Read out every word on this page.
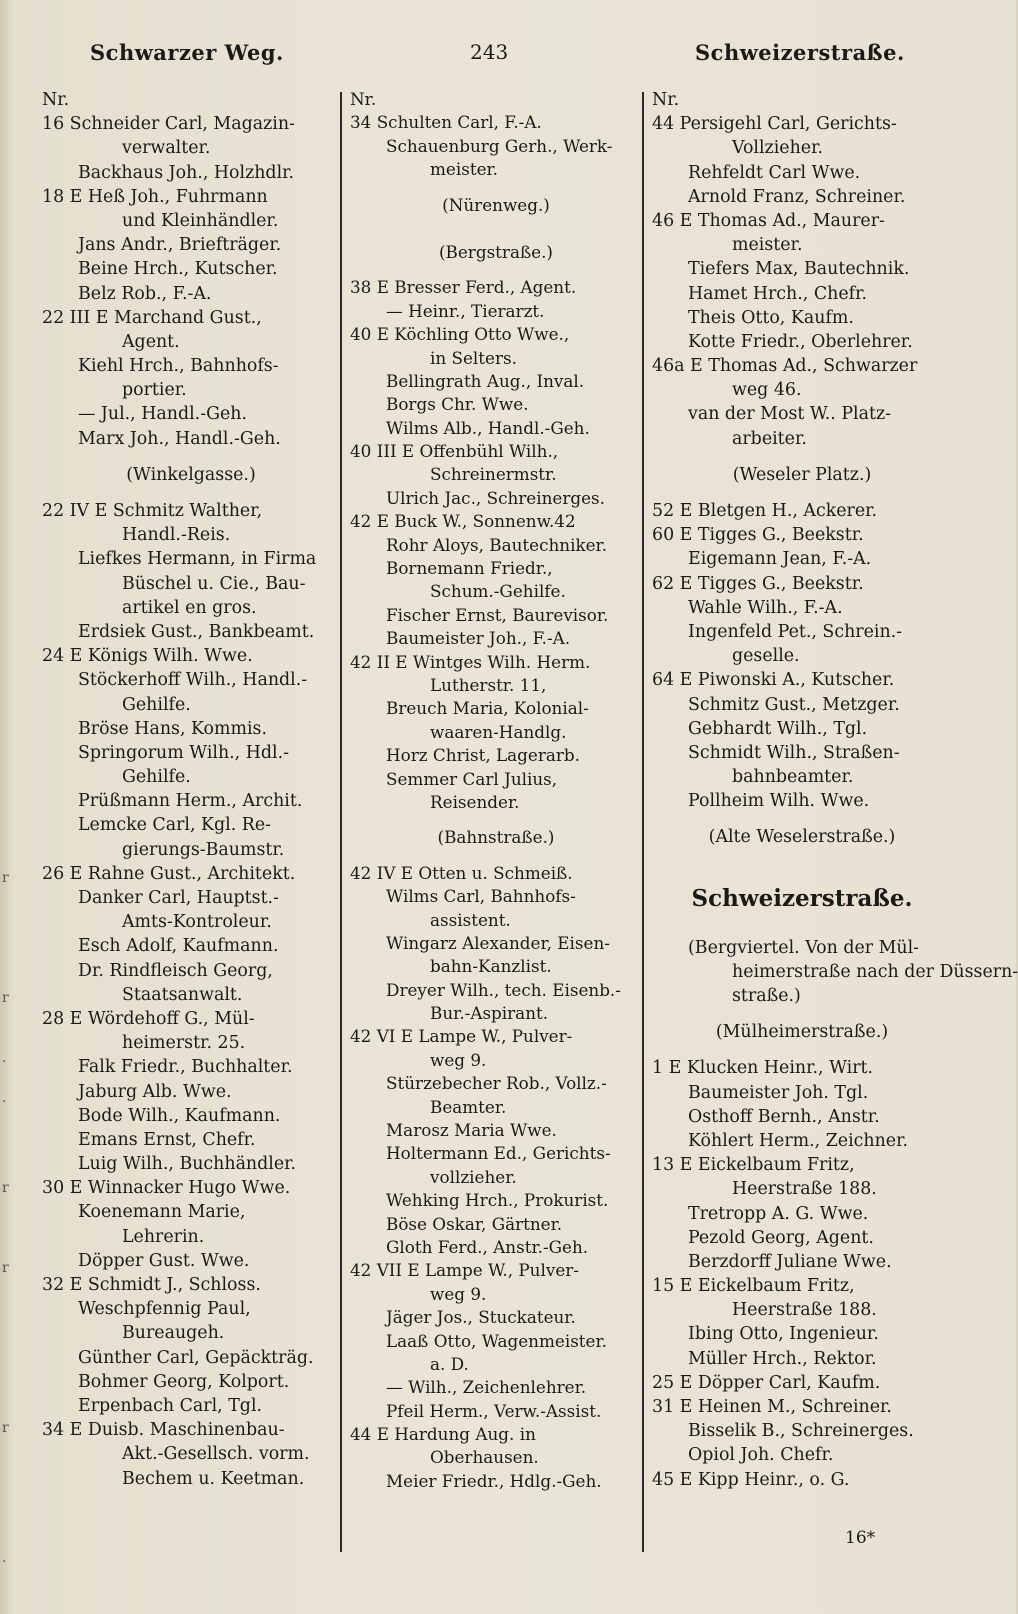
Schwarzer Weg.	243	Schweizerstraße.
Nr.
16 Schneider Carl, Magazin-
verwalter.
Backhaus Joh., Holzhdlr.
18 E Heß Joh., Fuhrmann
und Kleinhändler.
Jans Andr., Briefträger.
Beine Hrch., Kutscher.
Belz Rob., F.-A.
22 III E Marchand Gust.,
Agent.
Kiehl Hrch., Bahnhofs-
portier.
— Jul., Handl.-Geh.
Marx Joh., Handl.-Geh.
(Winkelgasse.)
22 IV E Schmitz Walther,
Handl.-Reis.
Liefkes Hermann, in Firma
Büschel u. Cie., Bau-
artikel en gros.
Erdsiek Gust., Bankbeamt.
24 E Königs Wilh. Wwe.
Stöckerhoff Wilh., Handl.-
Gehilfe.
Bröse Hans, Kommis.
Springorum Wilh., Hdl.-
Gehilfe.
Prüßmann Herm., Archit.
Lemcke Carl, Kgl. Re-
gierungs-Baumstr.
26 E Rahne Gust., Architekt.
Danker Carl, Hauptst.-
Amts-Kontroleur.
Esch Adolf, Kaufmann.
Dr. Rindfleisch Georg,
Staatsanwalt.
28 E Wördehoff G., Mül-
heimerstr. 25.
Falk Friedr., Buchhalter.
Jaburg Alb. Wwe.
Bode Wilh., Kaufmann.
Emans Ernst, Chefr.
Luig Wilh., Buchhändler.
30 E Winnacker Hugo Wwe.
Koenemann Marie,
Lehrerin.
Döpper Gust. Wwe.
32 E Schmidt J., Schloss.
Weschpfennig Paul,
Bureaugeh.
Günther Carl, Gepäckträg.
Bohmer Georg, Kolport.
Erpenbach Carl, Tgl.
34 E Duisb. Maschinenbau-
Akt.-Gesellsch. vorm.
Bechem u. Keetman.
Nr.
34 Schulten Carl, F.-A.
Schauenburg Gerh., Werk-
meister.
(Nürenweg.)
(Bergstraße.)
38 E Bresser Ferd., Agent.
— Heinr., Tierarzt.
40 E Köchling Otto Wwe.,
in Selters.
Bellingrath Aug., Inval.
Borgs Chr. Wwe.
Wilms Alb., Handl.-Geh.
40 III E Offenbühl Wilh.,
Schreinermstr.
Ulrich Jac., Schreinerges.
42 E Buck W., Sonnenw.42
Rohr Aloys, Bautechniker.
Bornemann Friedr.,
Schum.-Gehilfe.
Fischer Ernst, Baurevisor.
Baumeister Joh., F.-A.
42 II E Wintges Wilh. Herm.
Lutherstr. 11,
Breuch Maria, Kolonial-
waaren-Handlg.
Horz Christ, Lagerarb.
Semmer Carl Julius,
Reisender.
(Bahnstraße.)
42 IV E Otten u. Schmeiß.
Wilms Carl, Bahnhofs-
assistent.
Wingarz Alexander, Eisen-
bahn-Kanzlist.
Dreyer Wilh., tech. Eisenb.-
Bur.-Aspirant.
42 VI E Lampe W., Pulver-
weg 9.
Stürzebecher Rob., Vollz.-
Beamter.
Marosz Maria Wwe.
Holtermann Ed., Gerichts-
vollzieher.
Wehking Hrch., Prokurist.
Böse Oskar, Gärtner.
Gloth Ferd., Anstr.-Geh.
42 VII E Lampe W., Pulver-
weg 9.
Jäger Jos., Stuckateur.
Laaß Otto, Wagenmeister.
a. D.
— Wilh., Zeichenlehrer.
Pfeil Herm., Verw.-Assist.
44 E Hardung Aug. in
Oberhausen.
Meier Friedr., Hdlg.-Geh.
Nr.
44 Persigehl Carl, Gerichts-
Vollzieher.
Rehfeldt Carl Wwe.
Arnold Franz, Schreiner.
46 E Thomas Ad., Maurer-
meister.
Tiefers Max, Bautechnik.
Hamet Hrch., Chefr.
Theis Otto, Kaufm.
Kotte Friedr., Oberlehrer.
46a E Thomas Ad., Schwarzer
weg 46.
van der Most W.. Platz-
arbeiter.
(Weseler Platz.)
52 E Bletgen H., Ackerer.
60 E Tigges G., Beekstr.
Eigemann Jean, F.-A.
62 E Tigges G., Beekstr.
Wahle Wilh., F.-A.
Ingenfeld Pet., Schrein.-
geselle.
64 E Piwonski A., Kutscher.
Schmitz Gust., Metzger.
Gebhardt Wilh., Tgl.
Schmidt Wilh., Straßen-
bahnbeamter.
Pollheim Wilh. Wwe.
(Alte Weselerstraße.)
Schweizerstraße.
(Bergviertel. Von der Mül-
heimerstraße nach der Düssern-
straße.)
(Mülheimerstraße.)
1 E Klucken Heinr., Wirt.
Baumeister Joh. Tgl.
Osthoff Bernh., Anstr.
Köhlert Herm., Zeichner.
13 E Eickelbaum Fritz,
Heerstraße 188.
Tretropp A. G. Wwe.
Pezold Georg, Agent.
Berzdorff Juliane Wwe.
15 E Eickelbaum Fritz,
Heerstraße 188.
Ibing Otto, Ingenieur.
Müller Hrch., Rektor.
25 E Döpper Carl, Kaufm.
31 E Heinen M., Schreiner.
Bisselik B., Schreinerges.
Opiol Joh. Chefr.
45 E Kipp Heinr., o. G.
r
r
.
.
r
r
r
.
16*
